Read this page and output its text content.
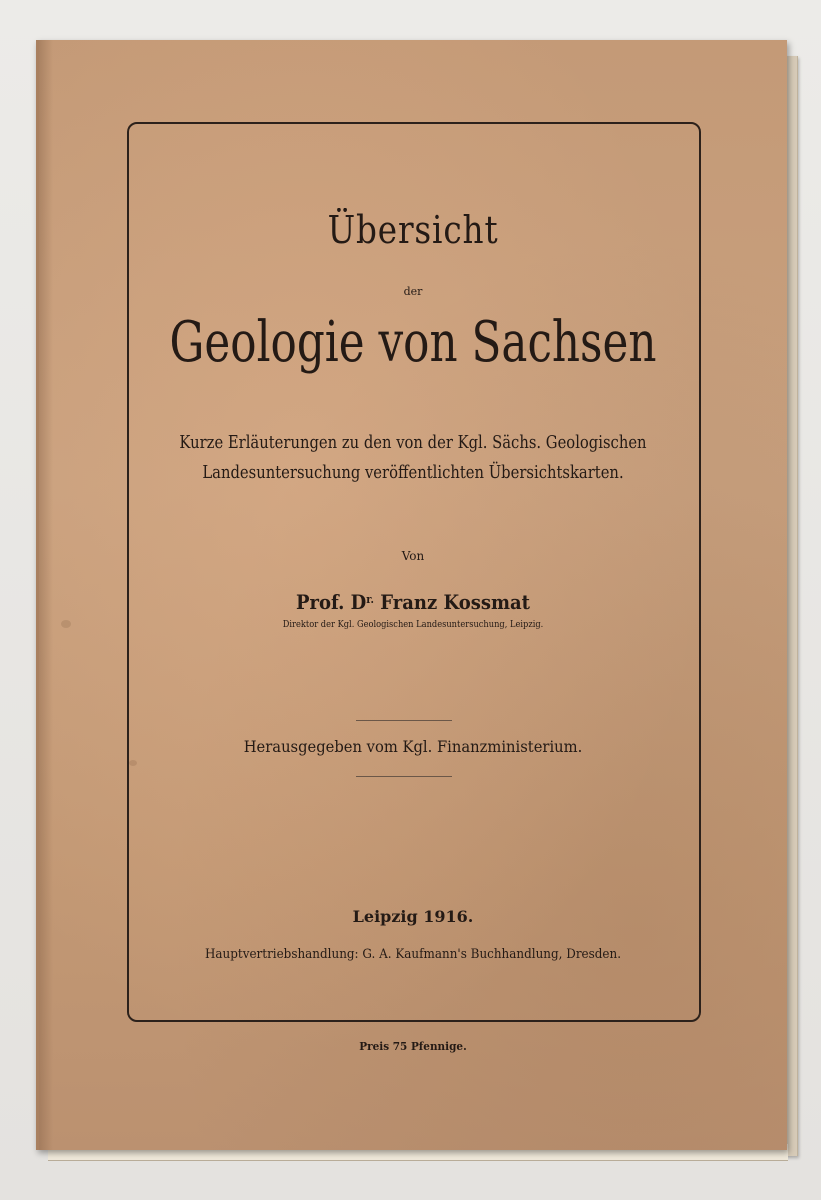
Übersicht
der
Geologie von Sachsen
Kurze Erläuterungen zu den von der Kgl. Sächs. Geologischen
Landesuntersuchung veröffentlichten Übersichtskarten.
Von
Prof. $D^{r.}$ Franz Kossmat
Direktor der Kgl. Geologischen Landesuntersuchung, Leipzig.
Herausgegeben vom Kgl. Finanzministerium.
Leipzig 1916.
Hauptvertriebshandlung: G. A. Kaufmann's Buchhandlung, Dresden.
Preis 75 Pfennige.
